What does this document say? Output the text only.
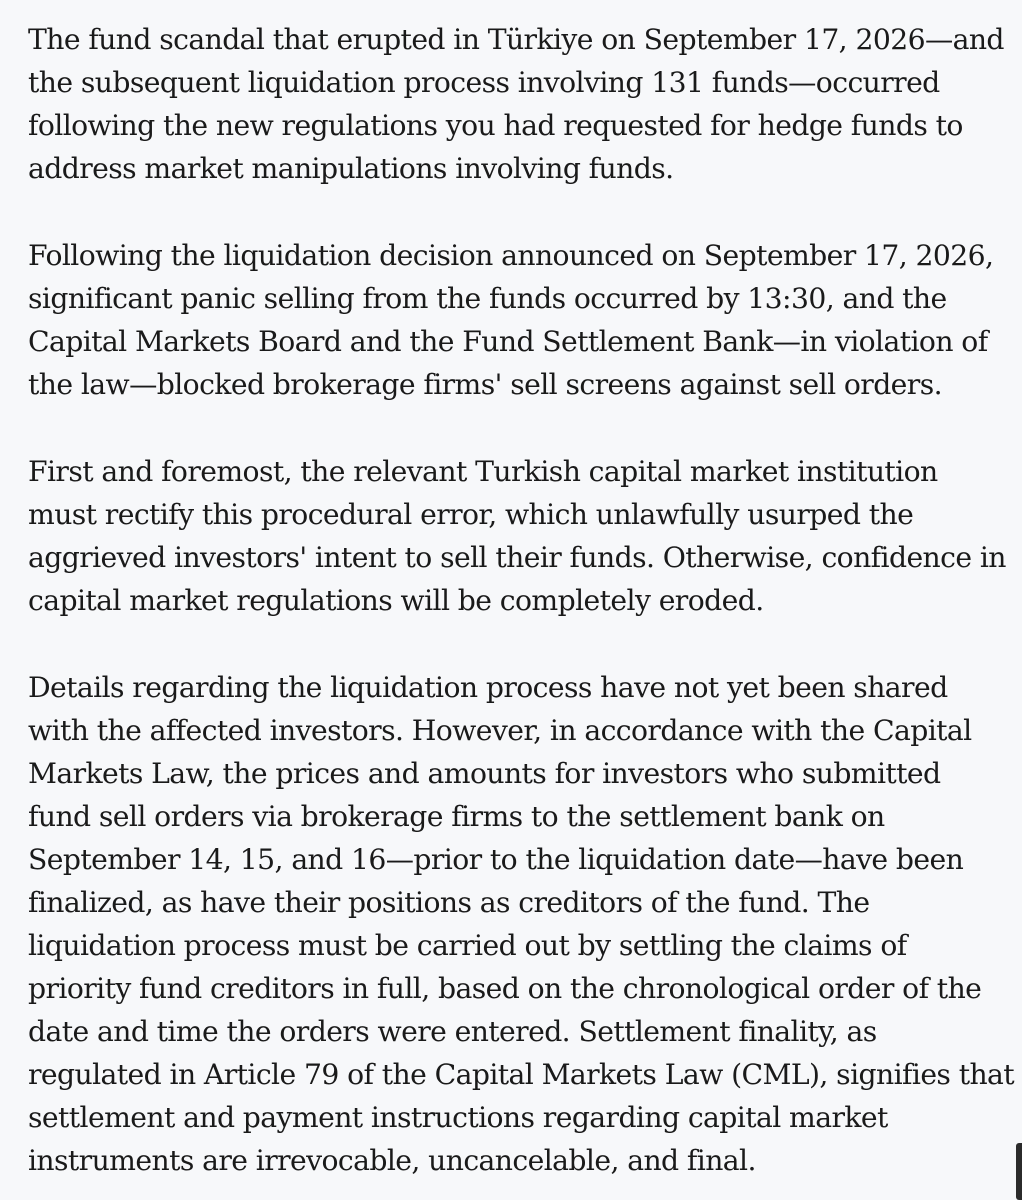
The fund scandal that erupted in Türkiye on September 17, 2026—and
the subsequent liquidation process involving 131 funds—occurred
following the new regulations you had requested for hedge funds to
address market manipulations involving funds.

Following the liquidation decision announced on September 17, 2026,
significant panic selling from the funds occurred by 13:30, and the
Capital Markets Board and the Fund Settlement Bank—in violation of
the law—blocked brokerage firms' sell screens against sell orders.

First and foremost, the relevant Turkish capital market institution
must rectify this procedural error, which unlawfully usurped the
aggrieved investors' intent to sell their funds. Otherwise, confidence in
capital market regulations will be completely eroded.

Details regarding the liquidation process have not yet been shared
with the affected investors. However, in accordance with the Capital
Markets Law, the prices and amounts for investors who submitted
fund sell orders via brokerage firms to the settlement bank on
September 14, 15, and 16—prior to the liquidation date—have been
finalized, as have their positions as creditors of the fund. The
liquidation process must be carried out by settling the claims of
priority fund creditors in full, based on the chronological order of the
date and time the orders were entered. Settlement finality, as
regulated in Article 79 of the Capital Markets Law (CML), signifies that
settlement and payment instructions regarding capital market
instruments are irrevocable, uncancelable, and final.
